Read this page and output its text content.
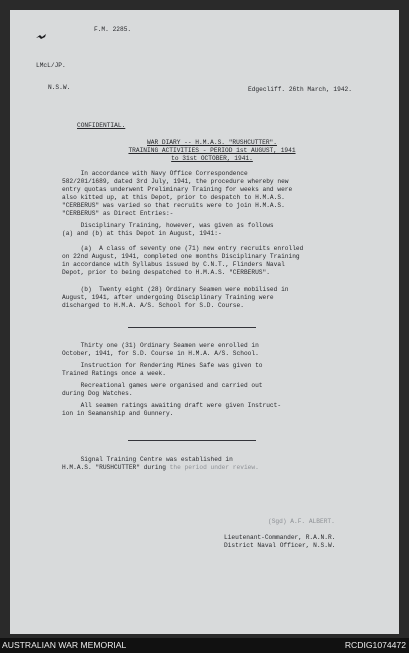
F.M. 2285.
LMcL/JP.
N.S.W.	Edgecliff. 26th March, 1942.
CONFIDENTIAL.
WAR DIARY -- H.M.A.S. "RUSHCUTTER".
TRAINING ACTIVITIES - PERIOD 1st AUGUST, 1941
to 31st OCTOBER, 1941.
In accordance with Navy Office Correspondence
582/201/1689, dated 3rd July, 1941, the procedure whereby new
entry quotas underwent Preliminary Training for weeks and were
also kitted up, at this Depot, prior to despatch to H.M.A.S.
"CERBERUS" was varied so that recruits were to join H.M.A.S.
"CERBERUS" as Direct Entries:-
Disciplinary Training, however, was given as follows
(a) and (b) at this Depot in August, 1941:-
(a)  A class of seventy one (71) new entry recruits enrolled
on 22nd August, 1941, completed one months Disciplinary Training
in accordance with Syllabus issued by C.N.T., Flinders Naval
Depot, prior to being despatched to H.M.A.S. "CERBERUS".
(b)  Twenty eight (28) Ordinary Seamen were mobilised in
August, 1941, after undergoing Disciplinary Training were
discharged to H.M.A. A/S. School for S.D. Course.
Thirty one (31) Ordinary Seamen were enrolled in
October, 1941, for S.D. Course in H.M.A. A/S. School.
Instruction for Rendering Mines Safe was given to
Trained Ratings once a week.
Recreational games were organised and carried out
during Dog Watches.
All seamen ratings awaiting draft were given Instruct-
ion in Seamanship and Gunnery.
Signal Training Centre was established in
H.M.A.S. "RUSHCUTTER" during the period under review.
(Sgd) A.F. ALBERT.
Lieutenant-Commander, R.A.N.R.
District Naval Officer, N.S.W.
AUSTRALIAN WAR MEMORIAL	RCDIG1074472
